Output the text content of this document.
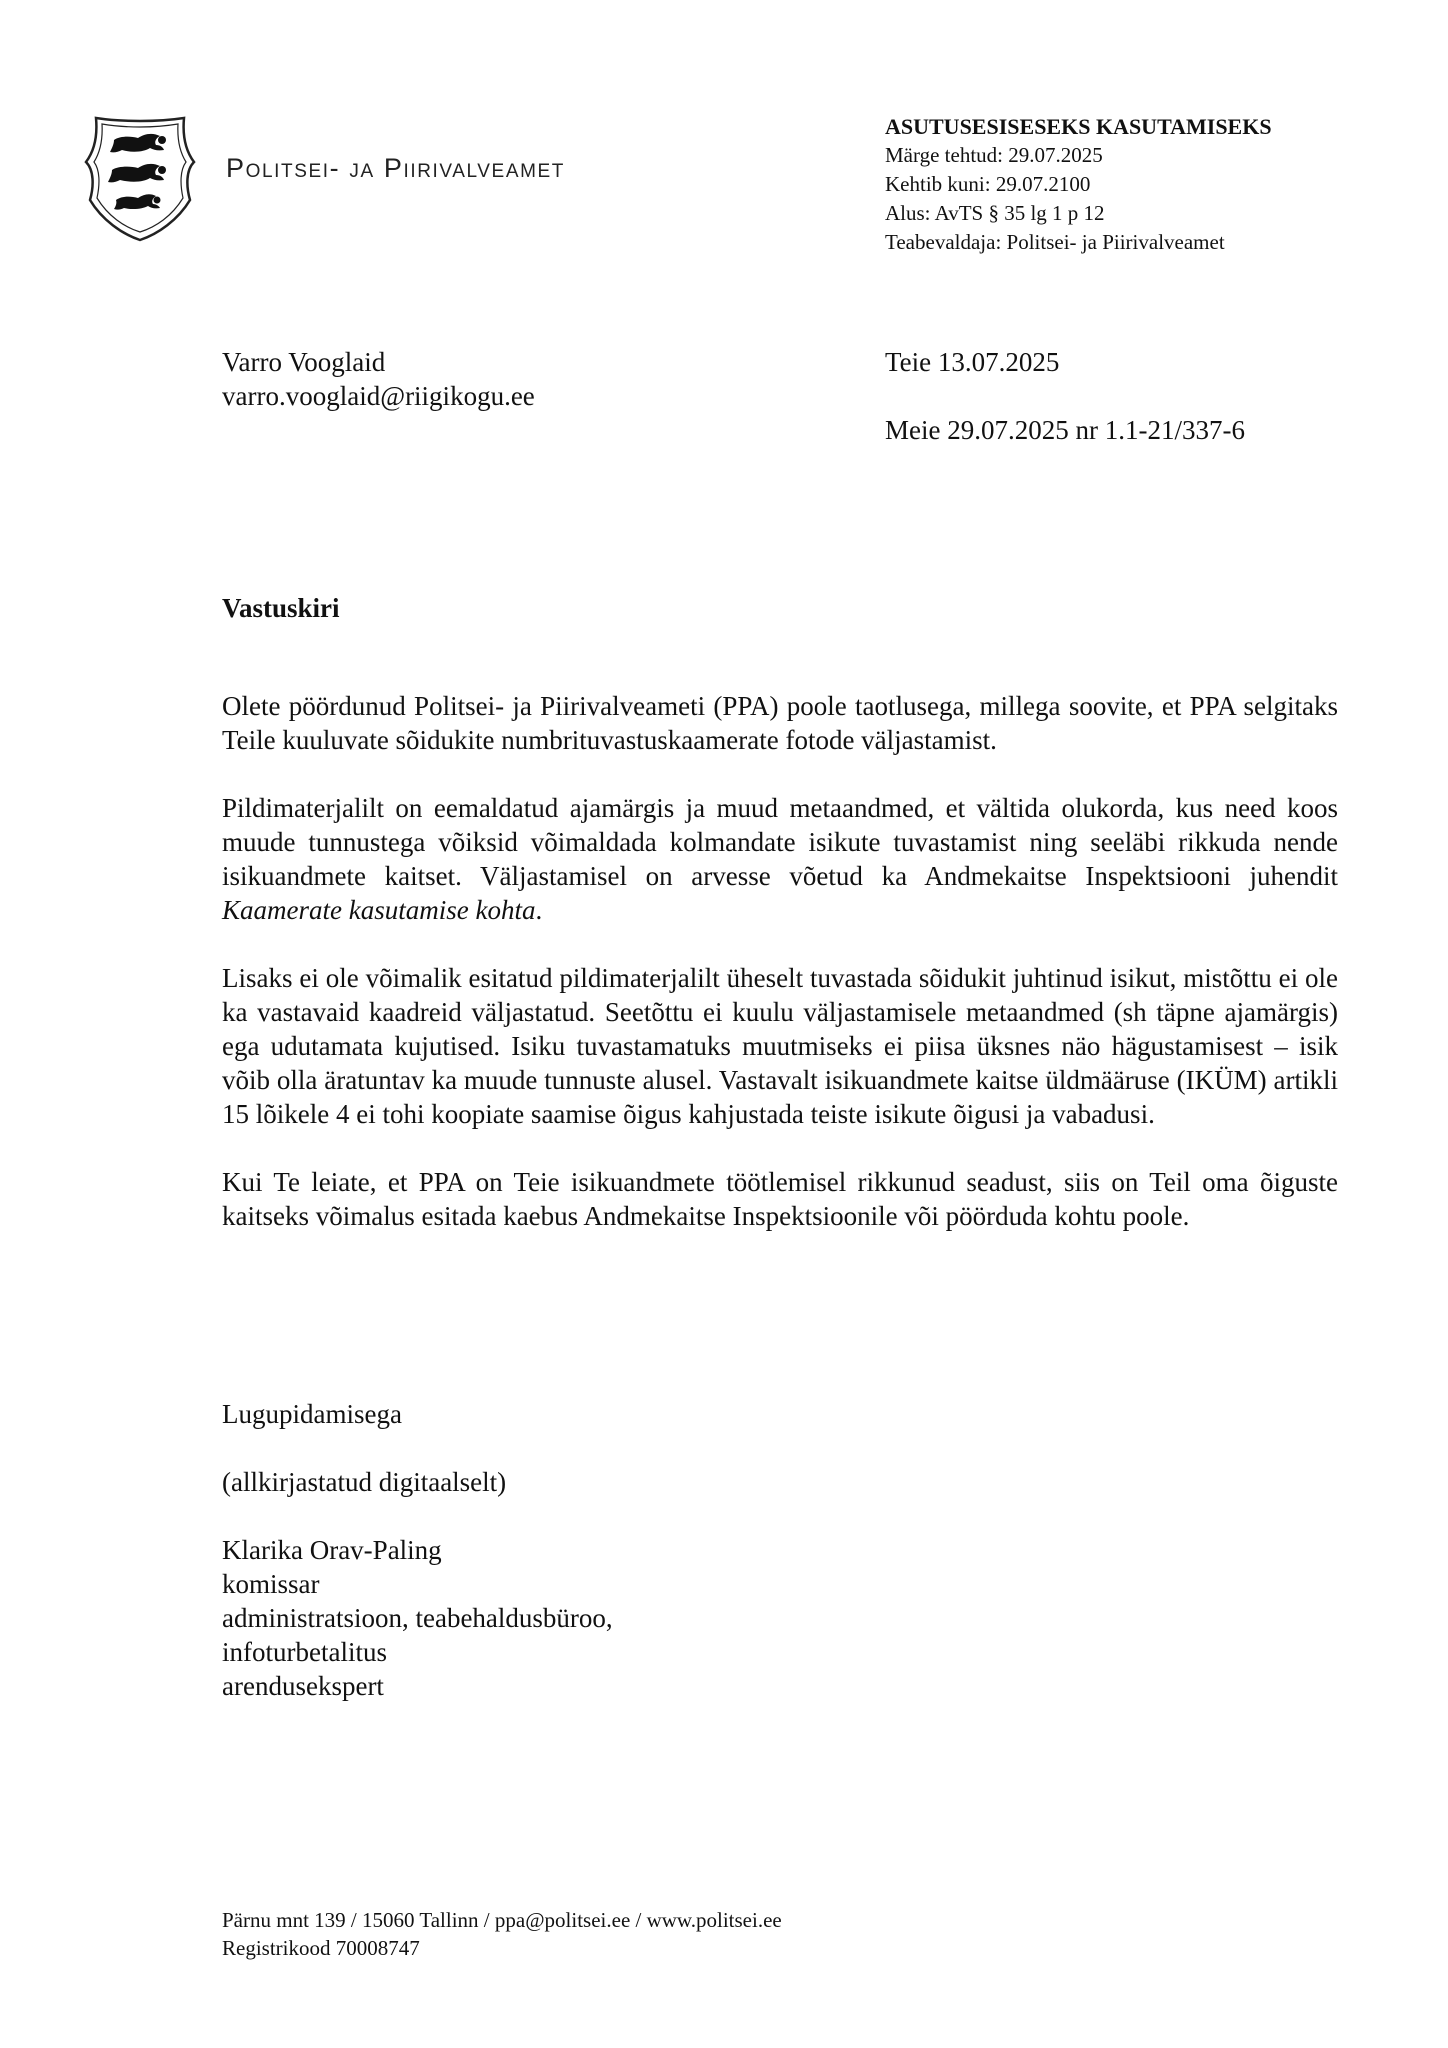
Politsei- ja Piirivalveamet
ASUTUSESISESEKS KASUTAMISEKS
Märge tehtud: 29.07.2025
Kehtib kuni: 29.07.2100
Alus: AvTS § 35 lg 1 p 12
Teabevaldaja: Politsei- ja Piirivalveamet
Varro Vooglaid
varro.vooglaid@riigikogu.ee
Teie 13.07.2025
Meie 29.07.2025 nr 1.1-21/337-6
Vastuskiri

Olete pöördunud Politsei- ja Piirivalveameti (PPA) poole taotlusega, millega soovite, et PPA selgitaks Teile kuuluvate sõidukite numbrituvastuskaamerate fotode väljastamist.

Pildimaterjalilt on eemaldatud ajamärgis ja muud metaandmed, et vältida olukorda, kus need koos muude tunnustega võiksid võimaldada kolmandate isikute tuvastamist ning seeläbi rikkuda nende isikuandmete kaitset. Väljastamisel on arvesse võetud ka Andmekaitse Inspektsiooni juhendit Kaamerate kasutamise kohta.

Lisaks ei ole võimalik esitatud pildimaterjalilt üheselt tuvastada sõidukit juhtinud isikut, mistõttu ei ole ka vastavaid kaadreid väljastatud. Seetõttu ei kuulu väljastamisele metaandmed (sh täpne ajamärgis) ega udutamata kujutised. Isiku tuvastamatuks muutmiseks ei piisa üksnes näo hägustamisest – isik võib olla äratuntav ka muude tunnuste alusel. Vastavalt isikuandmete kaitse üldmääruse (IKÜM) artikli 15 lõikele 4 ei tohi koopiate saamise õigus kahjustada teiste isikute õigusi ja vabadusi.

Kui Te leiate, et PPA on Teie isikuandmete töötlemisel rikkunud seadust, siis on Teil oma õiguste kaitseks võimalus esitada kaebus Andmekaitse Inspektsioonile või pöörduda kohtu poole.

Lugupidamisega
(allkirjastatud digitaalselt)
Klarika Orav-Paling
komissar
administratsioon, teabehaldusbüroo,
infoturbetalitus
arendusekspert
Pärnu mnt 139 / 15060 Tallinn / ppa@politsei.ee / www.politsei.ee
Registrikood 70008747
